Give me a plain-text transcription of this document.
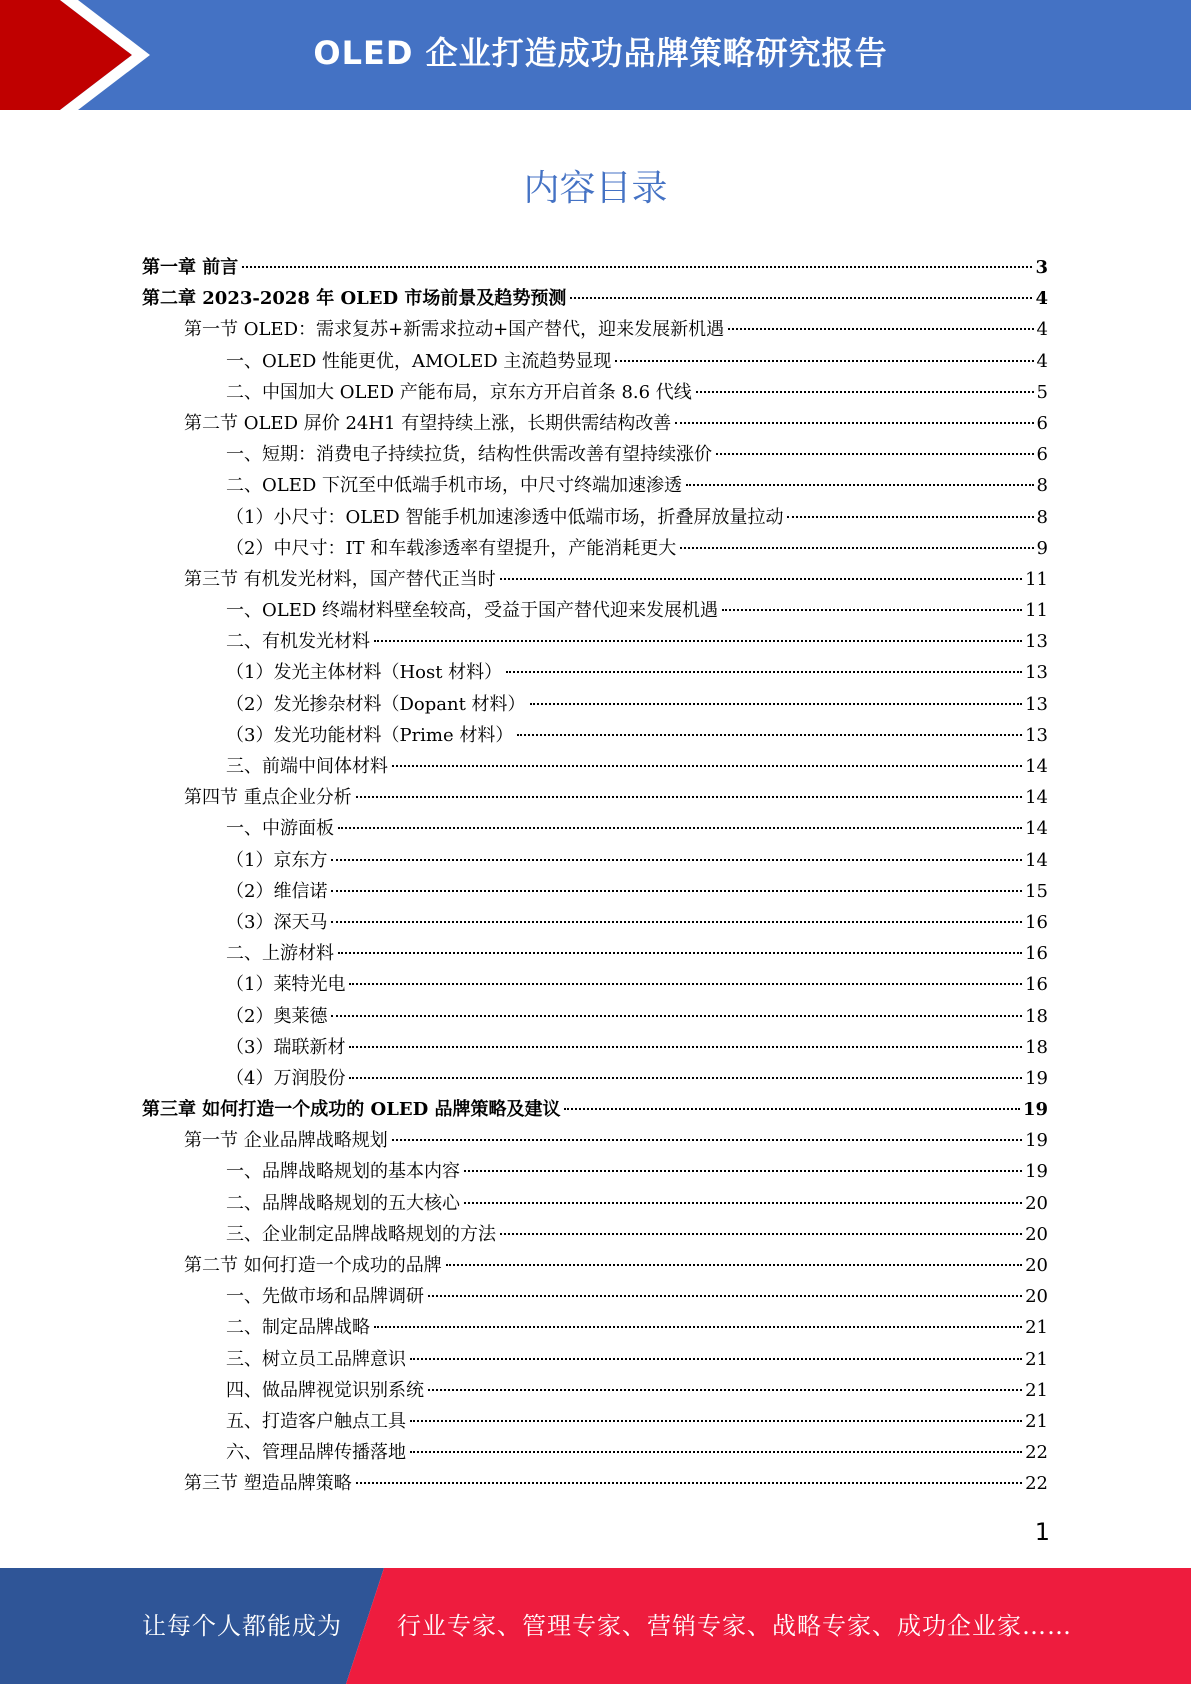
OLED 企业打造成功品牌策略研究报告
内容目录
第一章 前言	3
第二章 2023-2028 年 OLED 市场前景及趋势预测	4
第一节 OLED：需求复苏+新需求拉动+国产替代，迎来发展新机遇	4
一、OLED 性能更优，AMOLED 主流趋势显现	4
二、中国加大 OLED 产能布局，京东方开启首条 8.6 代线	5
第二节 OLED 屏价 24H1 有望持续上涨，长期供需结构改善	6
一、短期：消费电子持续拉货，结构性供需改善有望持续涨价	6
二、OLED 下沉至中低端手机市场，中尺寸终端加速渗透	8
（1）小尺寸：OLED 智能手机加速渗透中低端市场，折叠屏放量拉动	8
（2）中尺寸：IT 和车载渗透率有望提升，产能消耗更大	9
第三节 有机发光材料，国产替代正当时	11
一、OLED 终端材料壁垒较高，受益于国产替代迎来发展机遇	11
二、有机发光材料	13
（1）发光主体材料（Host 材料）	13
（2）发光掺杂材料（Dopant 材料）	13
（3）发光功能材料（Prime 材料）	13
三、前端中间体材料	14
第四节 重点企业分析	14
一、中游面板	14
（1）京东方	14
（2）维信诺	15
（3）深天马	16
二、上游材料	16
（1）莱特光电	16
（2）奥莱德	18
（3）瑞联新材	18
（4）万润股份	19
第三章 如何打造一个成功的 OLED 品牌策略及建议	19
第一节 企业品牌战略规划	19
一、品牌战略规划的基本内容	19
二、品牌战略规划的五大核心	20
三、企业制定品牌战略规划的方法	20
第二节 如何打造一个成功的品牌	20
一、先做市场和品牌调研	20
二、制定品牌战略	21
三、树立员工品牌意识	21
四、做品牌视觉识别系统	21
五、打造客户触点工具	21
六、管理品牌传播落地	22
第三节 塑造品牌策略	22
1
让每个人都能成为 行业专家、管理专家、营销专家、战略专家、成功企业家……
